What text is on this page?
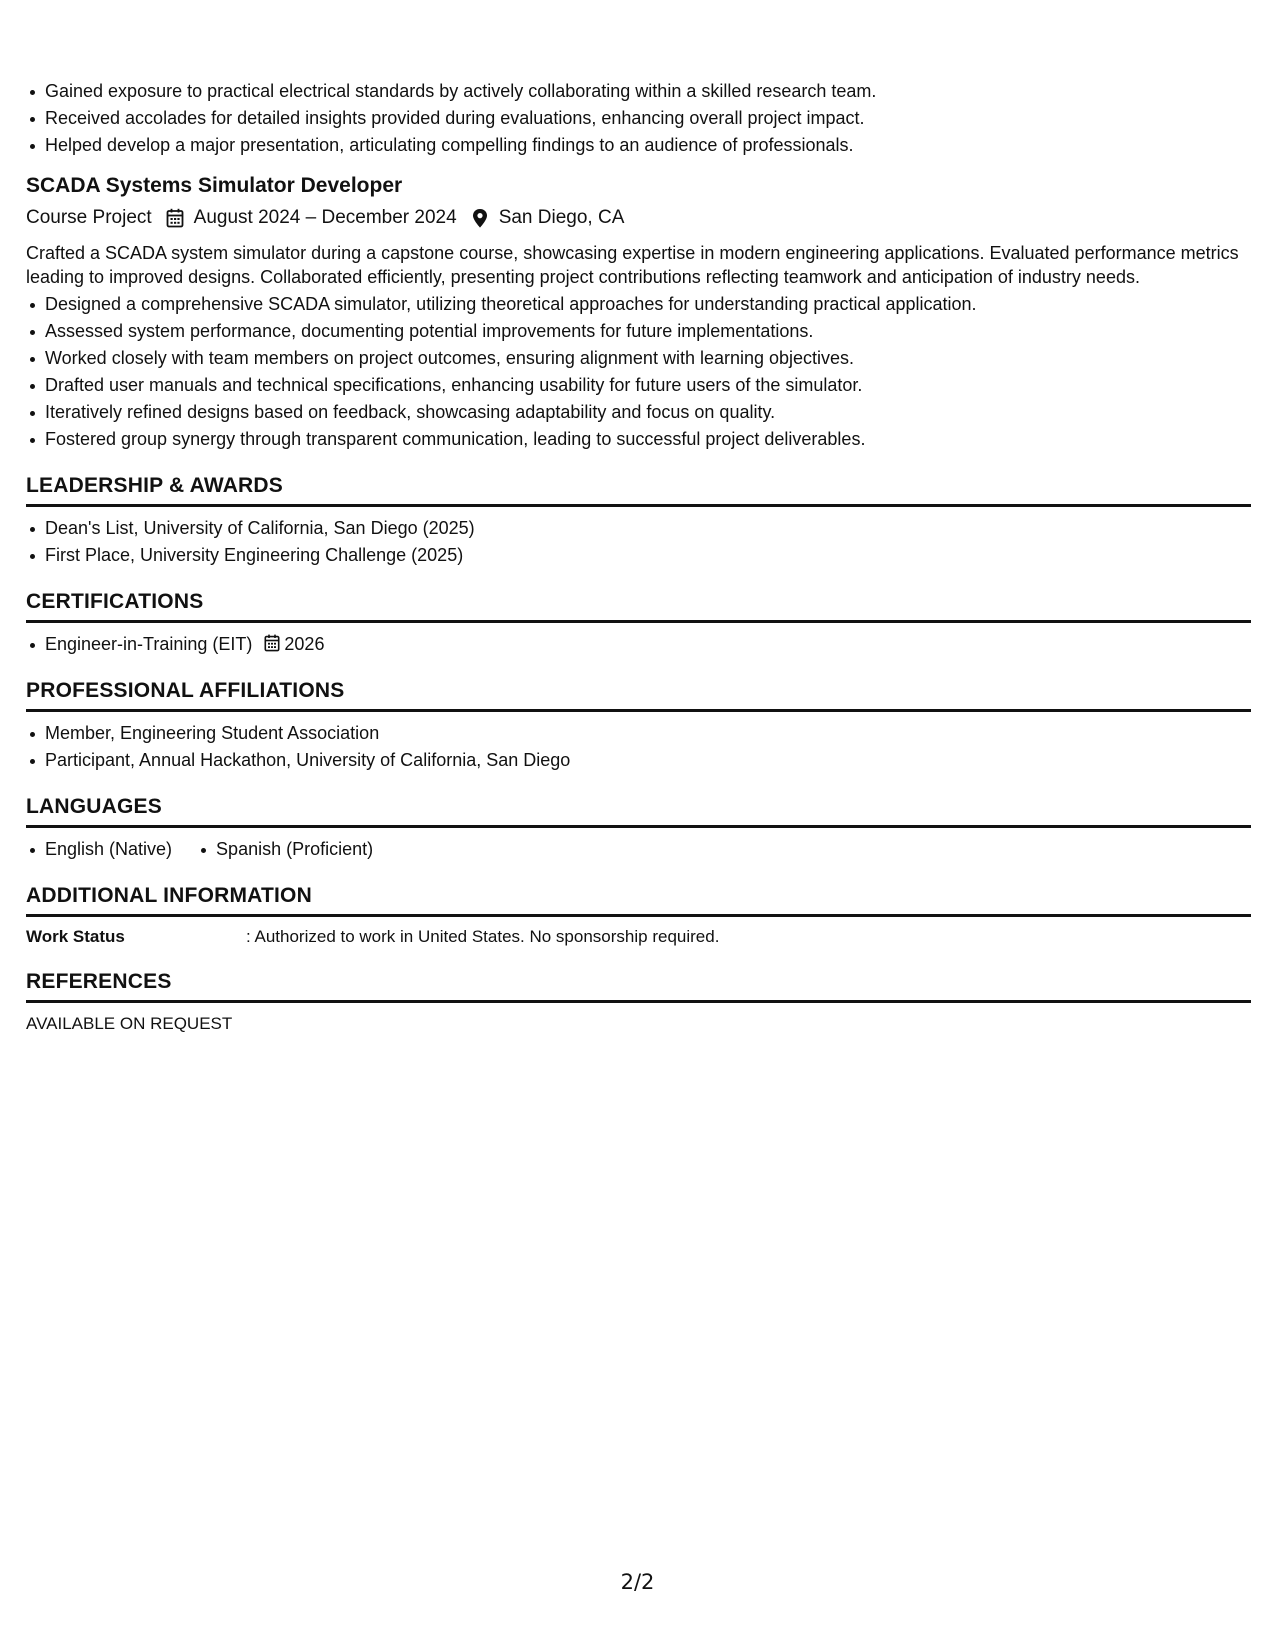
Gained exposure to practical electrical standards by actively collaborating within a skilled research team.
Received accolades for detailed insights provided during evaluations, enhancing overall project impact.
Helped develop a major presentation, articulating compelling findings to an audience of professionals.
SCADA Systems Simulator Developer
Course Project August 2024 – December 2024 San Diego, CA
Crafted a SCADA system simulator during a capstone course, showcasing expertise in modern engineering applications. Evaluated performance metrics leading to improved designs. Collaborated efficiently, presenting project contributions reflecting teamwork and anticipation of industry needs.
Designed a comprehensive SCADA simulator, utilizing theoretical approaches for understanding practical application.
Assessed system performance, documenting potential improvements for future implementations.
Worked closely with team members on project outcomes, ensuring alignment with learning objectives.
Drafted user manuals and technical specifications, enhancing usability for future users of the simulator.
Iteratively refined designs based on feedback, showcasing adaptability and focus on quality.
Fostered group synergy through transparent communication, leading to successful project deliverables.
LEADERSHIP & AWARDS
Dean's List, University of California, San Diego (2025)
First Place, University Engineering Challenge (2025)
CERTIFICATIONS
Engineer-in-Training (EIT) 2026
PROFESSIONAL AFFILIATIONS
Member, Engineering Student Association
Participant, Annual Hackathon, University of California, San Diego
LANGUAGES
English (Native)	Spanish (Proficient)
ADDITIONAL INFORMATION
Work Status	: Authorized to work in United States. No sponsorship required.
REFERENCES
AVAILABLE ON REQUEST
2/2
